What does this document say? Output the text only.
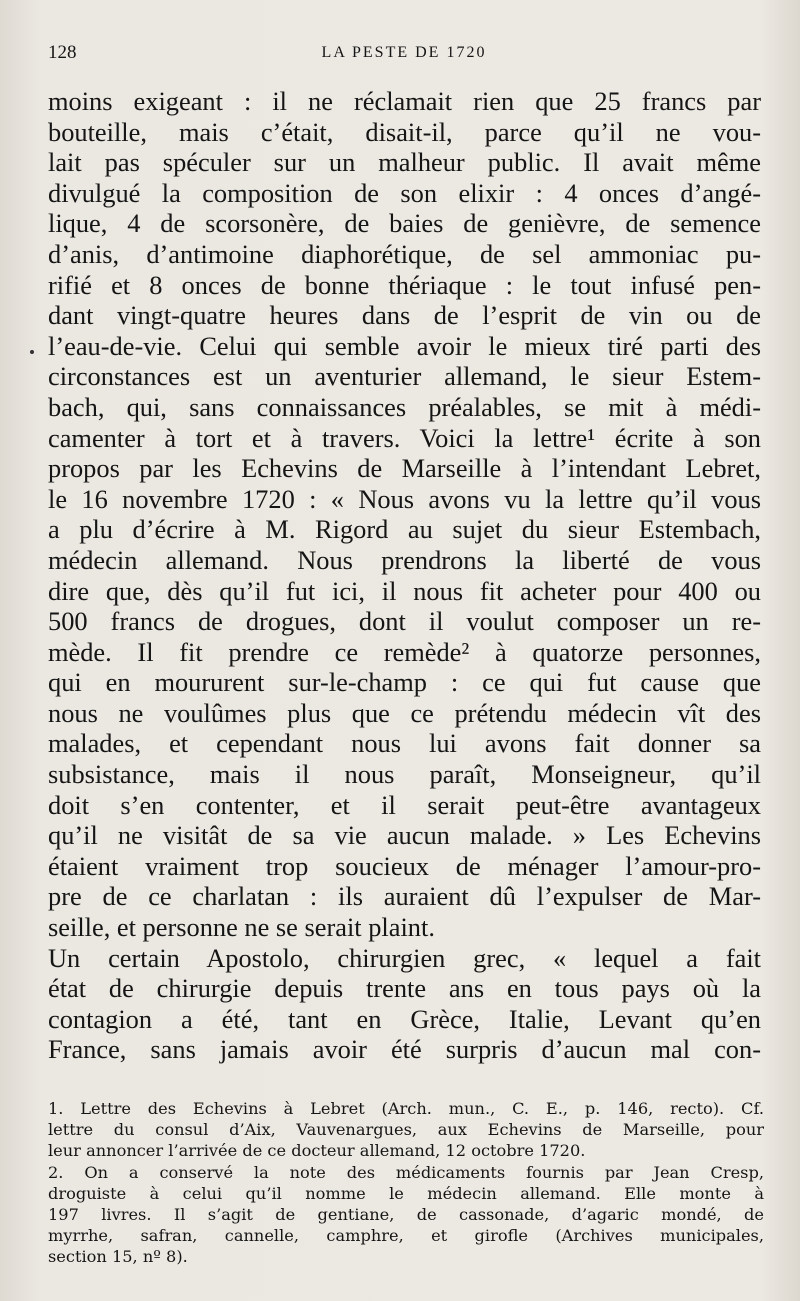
128	LA PESTE DE 1720

moins exigeant : il ne réclamait rien que 25 francs par

bouteille, mais c’était, disait-il, parce qu’il ne vou-

lait pas spéculer sur un malheur public. Il avait même

divulgué la composition de son elixir : 4 onces d’angé-

lique, 4 de scorsonère, de baies de genièvre, de semence

d’anis, d’antimoine diaphorétique, de sel ammoniac pu-

rifié et 8 onces de bonne thériaque : le tout infusé pen-

dant vingt-quatre heures dans de l’esprit de vin ou de

l’eau-de-vie. Celui qui semble avoir le mieux tiré parti des

circonstances est un aventurier allemand, le sieur Estem-

bach, qui, sans connaissances préalables, se mit à médi-

camenter à tort et à travers. Voici la lettre¹ écrite à son

propos par les Echevins de Marseille à l’intendant Lebret,

le 16 novembre 1720 : « Nous avons vu la lettre qu’il vous

a plu d’écrire à M. Rigord au sujet du sieur Estembach,

médecin allemand. Nous prendrons la liberté de vous

dire que, dès qu’il fut ici, il nous fit acheter pour 400 ou

500 francs de drogues, dont il voulut composer un re-

mède. Il fit prendre ce remède² à quatorze personnes,

qui en moururent sur-le-champ : ce qui fut cause que

nous ne voulûmes plus que ce prétendu médecin vît des

malades, et cependant nous lui avons fait donner sa

subsistance, mais il nous paraît, Monseigneur, qu’il

doit s’en contenter, et il serait peut-être avantageux

qu’il ne visitât de sa vie aucun malade. » Les Echevins

étaient vraiment trop soucieux de ménager l’amour-pro-

pre de ce charlatan : ils auraient dû l’expulser de Mar-

seille, et personne ne se serait plaint.

Un certain Apostolo, chirurgien grec, « lequel a fait

état de chirurgie depuis trente ans en tous pays où la

contagion a été, tant en Grèce, Italie, Levant qu’en

France, sans jamais avoir été surpris d’aucun mal con-

1. Lettre des Echevins à Lebret (Arch. mun., C. E., p. 146, recto). Cf.

lettre du consul d’Aix, Vauvenargues, aux Echevins de Marseille, pour

leur annoncer l’arrivée de ce docteur allemand, 12 octobre 1720.

2. On a conservé la note des médicaments fournis par Jean Cresp,

droguiste à celui qu’il nomme le médecin allemand. Elle monte à

197 livres. Il s’agit de gentiane, de cassonade, d’agaric mondé, de

myrrhe, safran, cannelle, camphre, et girofle (Archives municipales,

section 15, nº 8).
